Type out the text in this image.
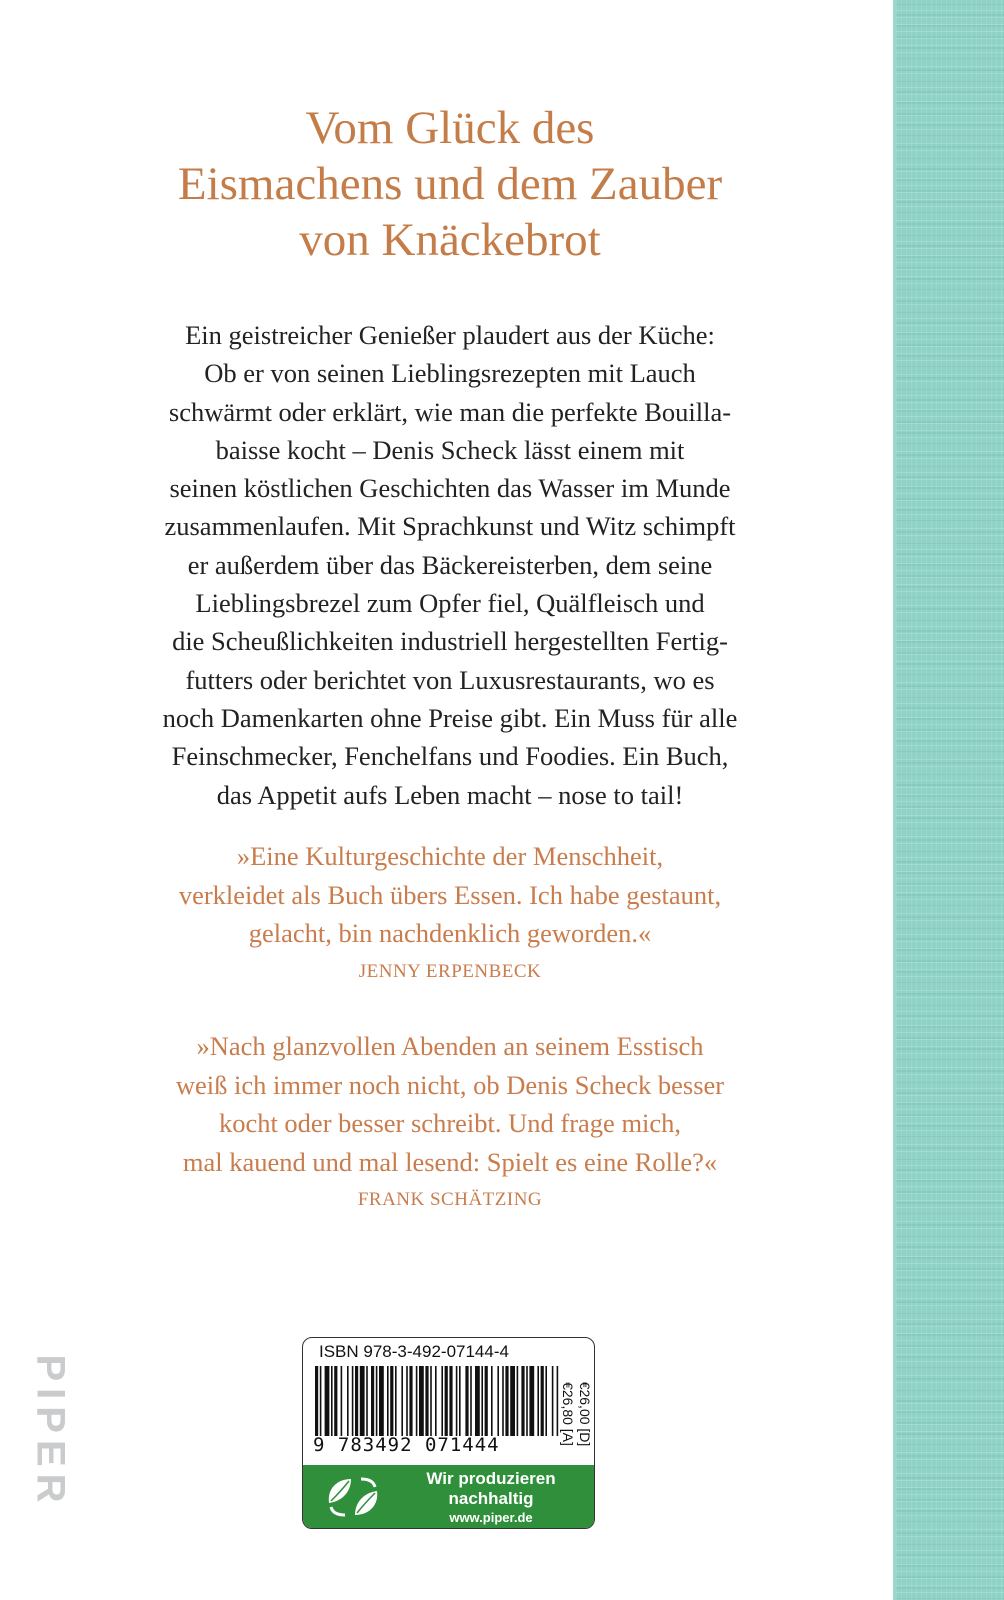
Vom Glück des
Eismachens und dem Zauber
von Knäckebrot
Ein geistreicher Genießer plaudert aus der Küche:
Ob er von seinen Lieblingsrezepten mit Lauch
schwärmt oder erklärt, wie man die perfekte Bouilla-
baisse kocht – Denis Scheck lässt einem mit
seinen köstlichen Geschichten das Wasser im Munde
zusammenlaufen. Mit Sprachkunst und Witz schimpft
er außerdem über das Bäckereisterben, dem seine
Lieblingsbrezel zum Opfer fiel, Quälfleisch und
die Scheußlichkeiten industriell hergestellten Fertig-
futters oder berichtet von Luxusrestaurants, wo es
noch Damenkarten ohne Preise gibt. Ein Muss für alle
Feinschmecker, Fenchelfans und Foodies. Ein Buch,
das Appetit aufs Leben macht – nose to tail!
»Eine Kulturgeschichte der Menschheit,
verkleidet als Buch übers Essen. Ich habe gestaunt,
gelacht, bin nachdenklich geworden.«
JENNY ERPENBECK
»Nach glanzvollen Abenden an seinem Esstisch
weiß ich immer noch nicht, ob Denis Scheck besser
kocht oder besser schreibt. Und frage mich,
mal kauend und mal lesend: Spielt es eine Rolle?«
FRANK SCHÄTZING
PIPER
ISBN 978-3-492-07144-4
9 783492 071444	€26,00 [D]
€26,80 [A]
Wir produzieren
nachhaltig
www.piper.de
